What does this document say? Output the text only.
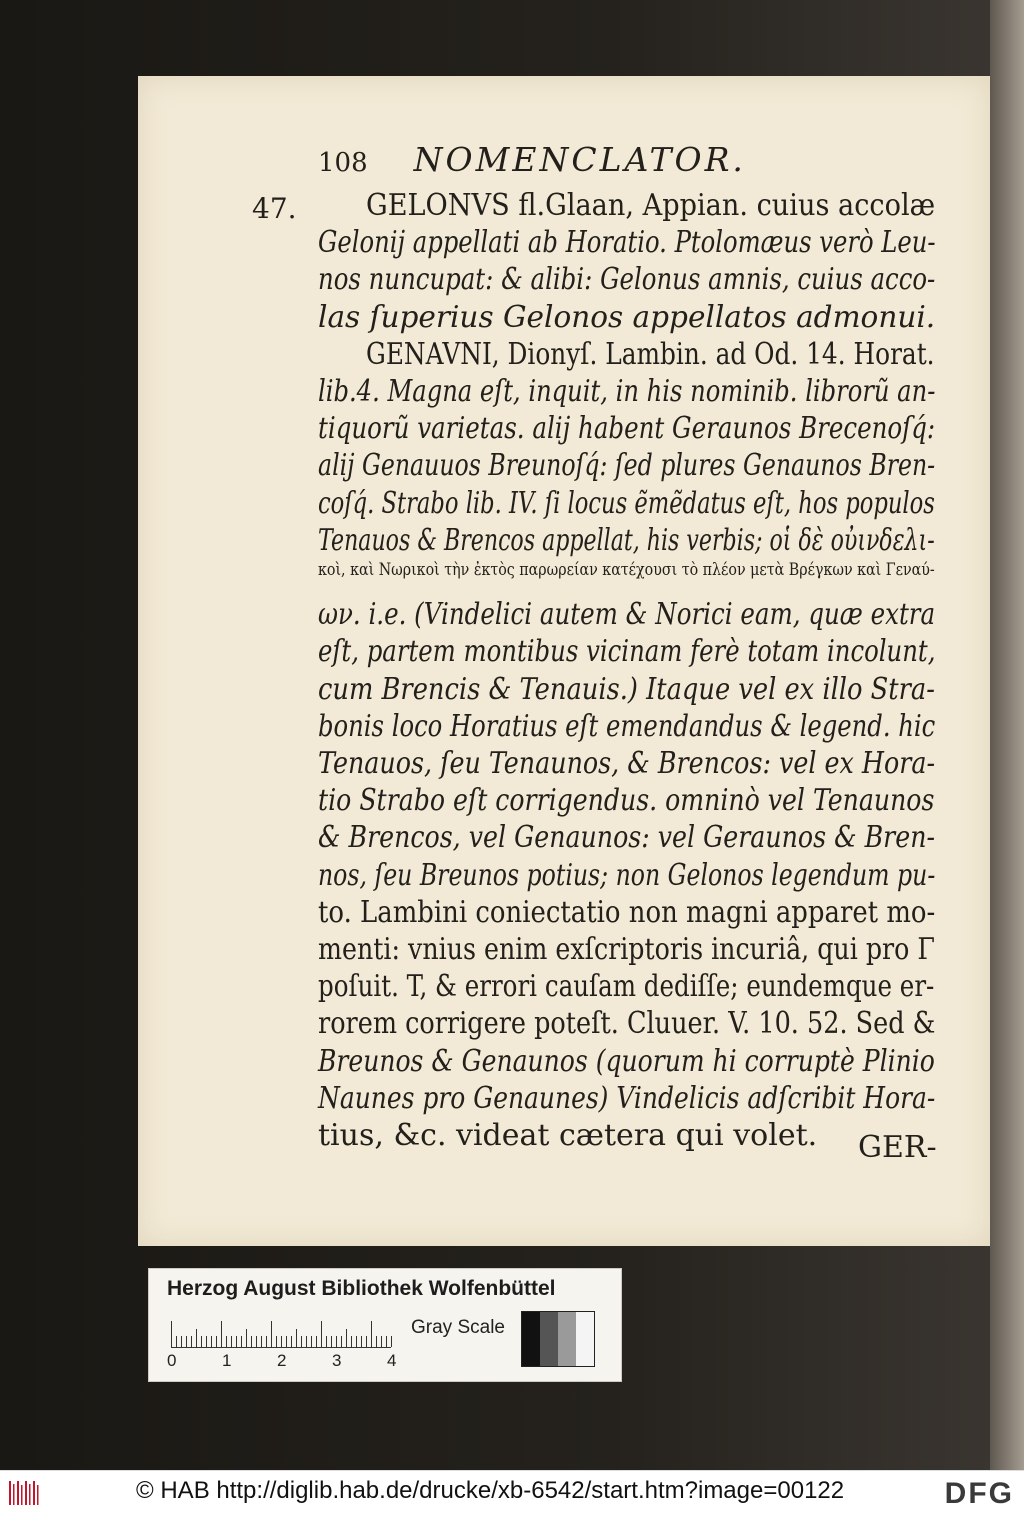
108 NOMENCLATOR.
47. GELONVS fl.Glaan, Appian. cuius accolæ
Gelonij appellati ab Horatio. Ptolomæus verò Leu-
nos nuncupat: & alibi: Gelonus amnis, cuius acco-
las ſuperius Gelonos appellatos admonui.
GENAVNI, Dionyſ. Lambin. ad Od. 14. Horat.
lib.4. Magna eſt, inquit, in his nominib. librorũ an-
tiquorũ varietas. alij habent Geraunos Brecenoſq́:
alij Genauuos Breunoſq́: ſed plures Genaunos Bren-
coſq́. Strabo lib. IV. ſi locus ẽmẽdatus eſt, hos populos
Tenauos & Brencos appellat, his verbis; οἱ δὲ οὐινδελι-
κοὶ, καὶ Νωρικοὶ τὴν ἐκτὸς παρωρείαν κατέχουσι τὸ πλέον μετὰ Βρέγκων καὶ Γεναύ-
ων. i.e. (Vindelici autem & Norici eam, quæ extra
eſt, partem montibus vicinam ferè totam incolunt,
cum Brencis & Tenauis.) Itaque vel ex illo Stra-
bonis loco Horatius eſt emendandus & legend. hic
Tenauos, ſeu Tenaunos, & Brencos: vel ex Hora-
tio Strabo eſt corrigendus. omninò vel Tenaunos
& Brencos, vel Genaunos: vel Geraunos & Bren-
nos, ſeu Breunos potius; non Gelonos legendum pu-
to. Lambini coniectatio non magni apparet mo-
menti: vnius enim exſcriptoris incuriâ, qui pro Γ
poſuit. T, & errori cauſam dediſſe; eundemque er-
rorem corrigere poteſt. Cluuer. V. 10. 52. Sed &
Breunos & Genaunos (quorum hi corruptè Plinio
Naunes pro Genaunes) Vindelicis adſcribit Hora-
tius, &c. videat cætera qui volet.	GER-
Herzog August Bibliothek Wolfenbüttel
0	1	2	3	4
Gray Scale
© HAB http://diglib.hab.de/drucke/xb-6542/start.htm?image=00122	DFG
